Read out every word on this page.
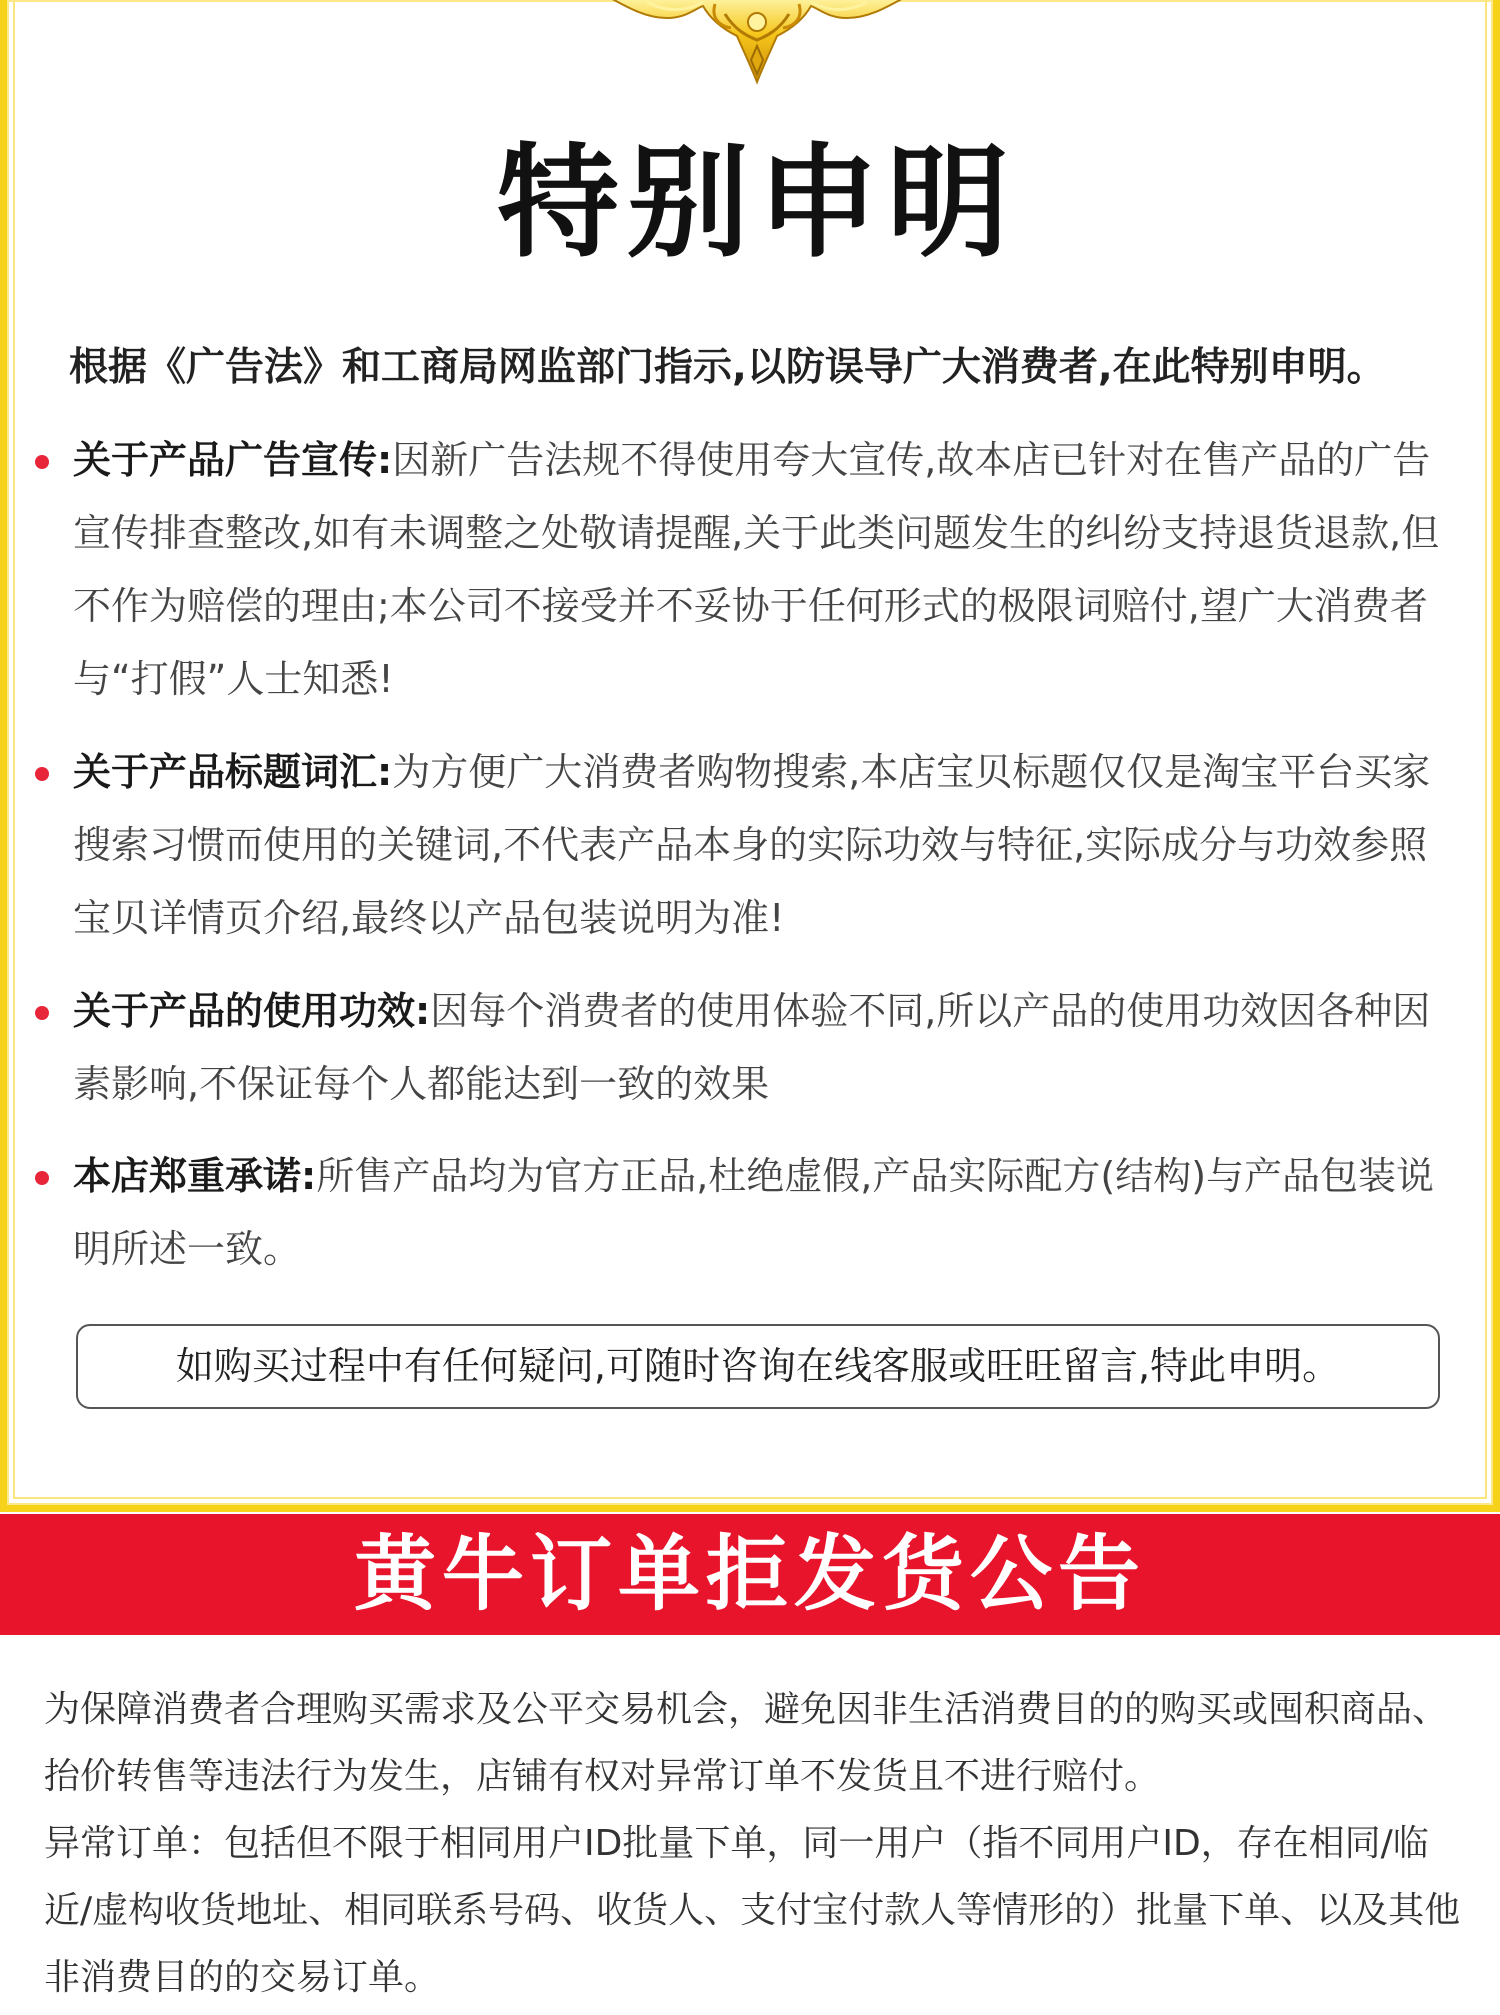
特别申明
根据《广告法》和工商局网监部门指示,以防误导广大消费者,在此特别申明。
关于产品广告宣传:因新广告法规不得使用夸大宣传,故本店已针对在售产品的广告宣传排查整改,如有未调整之处敬请提醒,关于此类问题发生的纠纷支持退货退款,但不作为赔偿的理由;本公司不接受并不妥协于任何形式的极限词赔付,望广大消费者与“打假”人士知悉!
关于产品标题词汇:为方便广大消费者购物搜索,本店宝贝标题仅仅是淘宝平台买家搜索习惯而使用的关键词,不代表产品本身的实际功效与特征,实际成分与功效参照宝贝详情页介绍,最终以产品包装说明为准!
关于产品的使用功效:因每个消费者的使用体验不同,所以产品的使用功效因各种因素影响,不保证每个人都能达到一致的效果
本店郑重承诺:所售产品均为官方正品,杜绝虚假,产品实际配方(结构)与产品包装说明所述一致。
如购买过程中有任何疑问,可随时咨询在线客服或旺旺留言,特此申明。
黄牛订单拒发货公告

为保障消费者合理购买需求及公平交易机会，避免因非生活消费目的的购买或囤积商品、抬价转售等违法行为发生，店铺有权对异常订单不发货且不进行赔付。

异常订单：包括但不限于相同用户ID批量下单，同一用户（指不同用户ID，存在相同/临近/虚构收货地址、相同联系号码、收货人、支付宝付款人等情形的）批量下单、以及其他非消费目的的交易订单。
